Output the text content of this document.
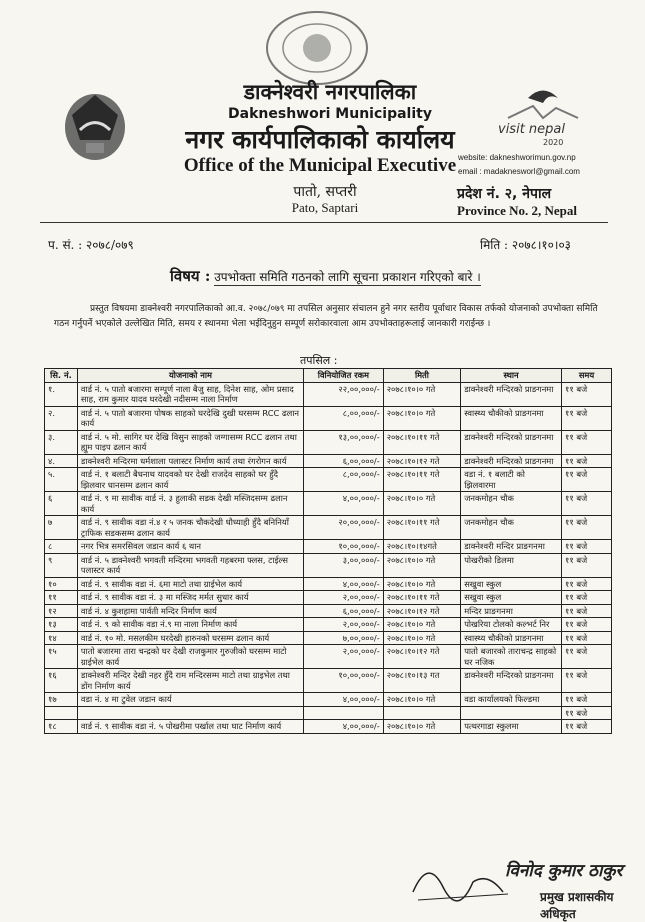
visit nepal
2020
डाक्नेश्वरी नगरपालिका
Dakneshwori Municipality
नगर कार्यपालिकाको कार्यालय
Office of the Municipal Executive
पातो, सप्तरी
Pato, Saptari
website: dakneshworimun.gov.np
email : madaknesworl@gmail.com
प्रदेश नं. २, नेपाल
Province No. 2, Nepal
प. सं. : २०७८/०७९	मिति : २०७८।१०।०३
विषय : उपभोक्ता समिति गठनको लागि सूचना प्रकाशन गरिएको बारे ।
प्रस्तुत विषयमा डाक्नेश्वरी नगरपालिकाको आ.व. २०७८/०७९ मा तपसिल अनुसार संचालन हुने नगर स्तरीय पूर्वाधार विकास तर्फको योजनाको उपभोक्ता समिति गठन गर्नुपर्ने भएकोले उल्लेखित मिति, समय र स्थानमा भेला भईदिनुहुन सम्पूर्ण सरोकारवाला आम उपभोक्ताहरूलाई जानकारी गराईन्छ ।
तपसिल :
सि. नं.	योजनाको नाम	विनियोजित रकम	मिती	स्थान	समय
१.	वार्ड नं. ५ पातो बजारमा सम्पूर्ण नाला बैजु साह, दिनेश साह, ओम प्रसाद साह, राम कुमार यादव घरदेखी नदीसम्म नाला निर्माण	२२,००,०००/-	२०७८।१०।० गते	डाक्नेश्वरी मन्दिरको प्राङगनमा	११ बजे
२.	वार्ड नं. ५ पातो बजारमा पोषक साहको घरदेखि दुखी घरसम्म RCC ढलान कार्य	८,००,०००/-	२०७८।१०।० गते	स्वास्थ्य चौकीको प्राङगनमा	११ बजे
३.	वार्ड नं. ५ मो. सागिर घर देखि विसुन साहको जग्गासम्म RCC ढलान तथा ह्युम पाइप ढलान कार्य	१३,००,०००/-	२०७८।१०।११ गते	डाक्नेश्वरी मन्दिरको प्राङगनमा	११ बजे
४.	डाक्नेश्वरी मन्दिरमा धर्मशाला पलास्टर निर्माण कार्य तथा रंगरोगन कार्य	६,००,०००/-	२०७८।१०।१२ गते	डाक्नेश्वरी मन्दिरको प्राङगनमा	११ बजे
५.	वार्ड नं. १ बलाटी बैधनाथ यादवको घर देखी राजदेव साहको घर हुँदै झिलवार धानसम्म ढलान कार्य	८,००,०००/-	२०७८।१०।११ गते	वडा नं. १ बलाटी को झिलवारमा	११ बजे
६	वार्ड नं. ९ मा सावीक वार्ड नं. ३ हुलाकी सडक देखी मस्जिदसम्म ढलान कार्य	४,००,०००/-	२०७८।१०।० गते	जनकमोहन चौक	११ बजे
७	वार्ड नं. ९ सावीक वडा नं.४ र ५ जनक चौकदेखी धौध्याही हुँदै बनिनियाँ ट्राफिक सडकसम्म ढलान कार्य	२०,००,०००/-	२०७८।१०।११ गते	जनकमोहन चौक	११ बजे
८	नगर भित्र समरसिवल जडान कार्य ६ थान	१०,००,०००/-	२०७८।१०।१४गते	डाक्नेश्वरी मन्दिर प्राङगनमा	११ बजे
९	वार्ड नं. ५ डाक्नेश्वरी भगवती मन्दिरमा भगवती गहबरमा फ्लस, टाईल्स पलास्टर कार्य	३,००,०००/-	२०७८।१०।० गते	पोखरीको डिलमा	११ बजे
१०	वार्ड नं. ९ सावीक वडा नं. ६मा माटो तथा ग्राईभेल कार्य	४,००,०००/-	२०७८।१०।० गते	सखुवा स्कुल	११ बजे
११	वार्ड नं. ९ सावीक वडा नं. ३ मा मस्जिद मर्मत सुधार कार्य	२,००,०००/-	२०७८।१०।११ गते	सखुवा स्कुल	११ बजे
१२	वार्ड नं. ४ कुशहामा पार्वती मन्दिर निर्माण कार्य	६,००,०००/-	२०७८।१०।१२ गते	मन्दिर प्राङगनमा	११ बजे
१३	वार्ड नं. ९ को सावीक वडा नं.९ मा नाला निर्माण कार्य	२,००,०००/-	२०७८।१०।० गते	पोखरिया टोलको कल्भर्ट निर	११ बजे
१४	वार्ड नं. १० मो. मसलकीम घरदेखी हारुनको घरसम्म ढलान कार्य	७,००,०००/-	२०७८।१०।० गते	स्वास्थ्य चौकीको प्राङगनमा	११ बजे
१५	पातो बजारमा तारा चन्द्रको घर देखी राजकुमार गुरुजीको घरसम्म माटो ग्राईभेल कार्य	२,००,०००/-	२०७८।१०।१२ गते	पातो बजारको ताराचन्द्र साहको घर नजिक	११ बजे
१६	डाक्नेश्वरी मन्दिर देखी नहर हुँदै राम मन्दिरसम्म माटो तथा ग्राइभेल तथा डोंग निर्माण कार्य	१०,००,०००/-	२०७८।१०।१३ गत	डाक्नेश्वरी मन्दिरको प्राङगनमा	११ बजे
१७	वडा नं. ४ मा टुवेल जडान कार्य	४,००,०००/-	२०७८।१०।० गते	वडा कार्यालयको फिल्डमा	११ बजे
					११ बजे
१८	वार्ड नं. ९ सावीक वडा नं. ५ पोखरीमा पर्खाल तथा घाट निर्माण कार्य	४,००,०००/-	२०७८।१०।० गते	पत्थरगाडा स्कुलमा	११ बजे
विनोद कुमार ठाकुर
प्रमुख प्रशासकीय अधिकृत
